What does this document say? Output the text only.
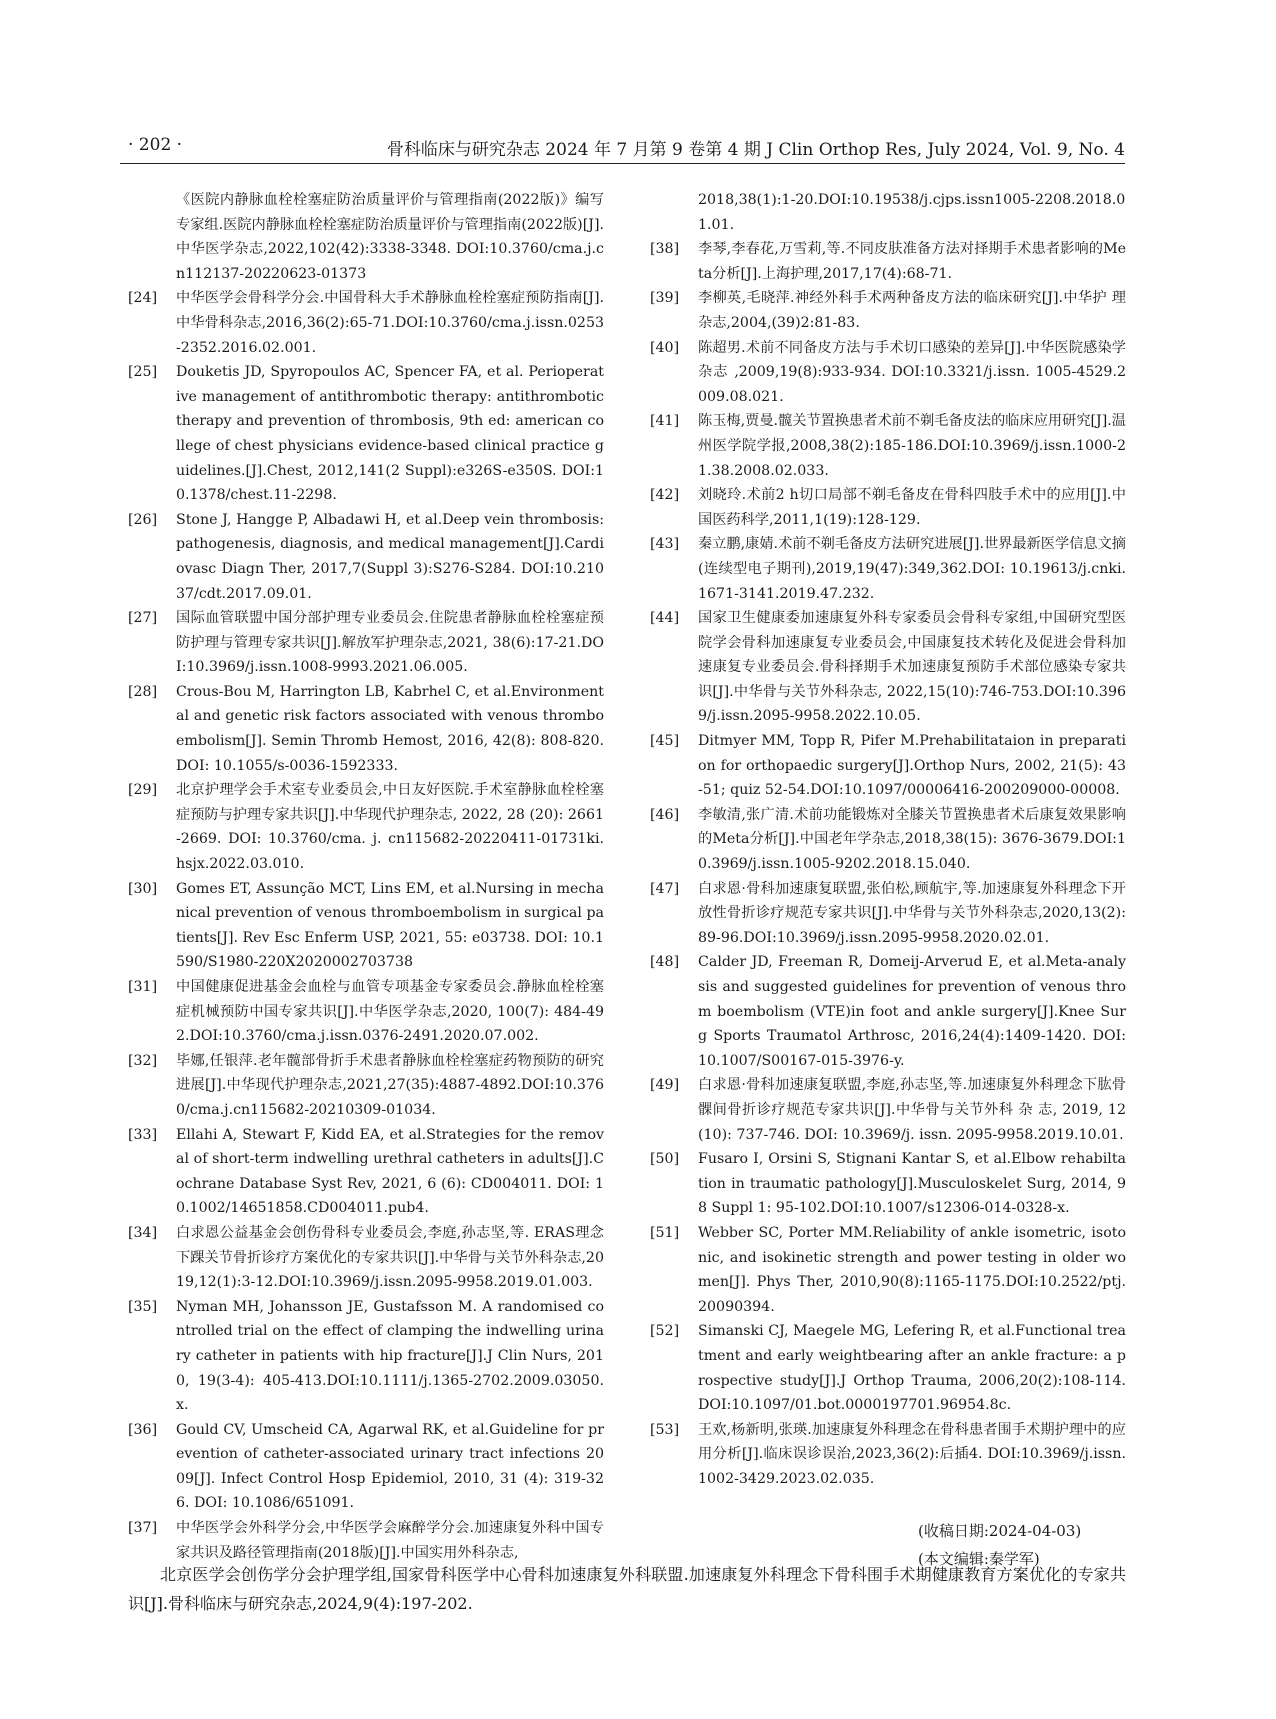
· 202 ·	骨科临床与研究杂志 2024 年 7 月第 9 卷第 4 期 J Clin Orthop Res, July 2024, Vol. 9, No. 4
《医院内静脉血栓栓塞症防治质量评价与管理指南(2022版)》编写专家组.医院内静脉血栓栓塞症防治质量评价与管理指南(2022版)[J].中华医学杂志,2022,102(42):3338-3348. DOI:10.3760/cma.j.cn112137-20220623-01373
[24]	中华医学会骨科学分会.中国骨科大手术静脉血栓栓塞症预防指南[J]. 中华骨科杂志,2016,36(2):65-71.DOI:10.3760/cma.j.issn.0253-2352.2016.02.001.
[25]	Douketis JD, Spyropoulos AC, Spencer FA, et al. Perioperative management of antithrombotic therapy: antithrombotic therapy and prevention of thrombosis, 9th ed: american college of chest physicians evidence-based clinical practice guidelines.[J].Chest, 2012,141(2 Suppl):e326S-e350S. DOI:10.1378/chest.11-2298.
[26]	Stone J, Hangge P, Albadawi H, et al.Deep vein thrombosis: pathogenesis, diagnosis, and medical management[J].Cardiovasc Diagn Ther, 2017,7(Suppl 3):S276-S284. DOI:10.21037/cdt.2017.09.01.
[27]	国际血管联盟中国分部护理专业委员会.住院患者静脉血栓栓塞症预防护理与管理专家共识[J].解放军护理杂志,2021, 38(6):17-21.DOI:10.3969/j.issn.1008-9993.2021.06.005.
[28]	Crous-Bou M, Harrington LB, Kabrhel C, et al.Environmental and genetic risk factors associated with venous thromboembolism[J]. Semin Thromb Hemost, 2016, 42(8): 808-820. DOI: 10.1055/s-0036-1592333.
[29]	北京护理学会手术室专业委员会,中日友好医院.手术室静脉血栓栓塞症预防与护理专家共识[J].中华现代护理杂志, 2022, 28 (20): 2661-2669. DOI: 10.3760/cma. j. cn115682-20220411-01731ki.hsjx.2022.03.010.
[30]	Gomes ET, Assunção MCT, Lins EM, et al.Nursing in mechanical prevention of venous thromboembolism in surgical patients[J]. Rev Esc Enferm USP, 2021, 55: e03738. DOI: 10.1590/S1980-220X2020002703738
[31]	中国健康促进基金会血栓与血管专项基金专家委员会.静脉血栓栓塞症机械预防中国专家共识[J].中华医学杂志,2020, 100(7): 484-492.DOI:10.3760/cma.j.issn.0376-2491.2020.07.002.
[32]	毕娜,任银萍.老年髋部骨折手术患者静脉血栓栓塞症药物预防的研究进展[J].中华现代护理杂志,2021,27(35):4887-4892.DOI:10.3760/cma.j.cn115682-20210309-01034.
[33]	Ellahi A, Stewart F, Kidd EA, et al.Strategies for the removal of short-term indwelling urethral catheters in adults[J].Cochrane Database Syst Rev, 2021, 6 (6): CD004011. DOI: 10.1002/14651858.CD004011.pub4.
[34]	白求恩公益基金会创伤骨科专业委员会,李庭,孙志坚,等. ERAS理念下踝关节骨折诊疗方案优化的专家共识[J].中华骨与关节外科杂志,2019,12(1):3-12.DOI:10.3969/j.issn.2095-9958.2019.01.003.
[35]	Nyman MH, Johansson JE, Gustafsson M. A randomised controlled trial on the effect of clamping the indwelling urinary catheter in patients with hip fracture[J].J Clin Nurs, 2010, 19(3-4): 405-413.DOI:10.1111/j.1365-2702.2009.03050.x.
[36]	Gould CV, Umscheid CA, Agarwal RK, et al.Guideline for prevention of catheter-associated urinary tract infections 2009[J]. Infect Control Hosp Epidemiol, 2010, 31 (4): 319-326. DOI: 10.1086/651091.
[37]	中华医学会外科学分会,中华医学会麻醉学分会.加速康复外科中国专家共识及路径管理指南(2018版)[J].中国实用外科杂志,
2018,38(1):1-20.DOI:10.19538/j.cjps.issn1005-2208.2018.01.01.
[38]	李琴,李春花,万雪莉,等.不同皮肤准备方法对择期手术患者影响的Meta分析[J].上海护理,2017,17(4):68-71.
[39]	李柳英,毛晓萍.神经外科手术两种备皮方法的临床研究[J].中华护 理杂志,2004,(39)2:81-83.
[40]	陈超男.术前不同备皮方法与手术切口感染的差异[J].中华医院感染学杂志 ,2009,19(8):933-934. DOI:10.3321/j.issn. 1005-4529.2009.08.021.
[41]	陈玉梅,贾曼.髋关节置换患者术前不剃毛备皮法的临床应用研究[J].温州医学院学报,2008,38(2):185-186.DOI:10.3969/j.issn.1000-21.38.2008.02.033.
[42]	刘晓玲.术前2 h切口局部不剃毛备皮在骨科四肢手术中的应用[J].中国医药科学,2011,1(19):128-129.
[43]	秦立鹏,康婧.术前不剃毛备皮方法研究进展[J].世界最新医学信息文摘(连续型电子期刊),2019,19(47):349,362.DOI: 10.19613/j.cnki.1671-3141.2019.47.232.
[44]	国家卫生健康委加速康复外科专家委员会骨科专家组,中国研究型医院学会骨科加速康复专业委员会,中国康复技术转化及促进会骨科加速康复专业委员会.骨科择期手术加速康复预防手术部位感染专家共识[J].中华骨与关节外科杂志, 2022,15(10):746-753.DOI:10.3969/j.issn.2095-9958.2022.10.05.
[45]	Ditmyer MM, Topp R, Pifer M.Prehabilitataion in preparation for orthopaedic surgery[J].Orthop Nurs, 2002, 21(5): 43-51; quiz 52-54.DOI:10.1097/00006416-200209000-00008.
[46]	李敏清,张广清.术前功能锻炼对全膝关节置换患者术后康复效果影响的Meta分析[J].中国老年学杂志,2018,38(15): 3676-3679.DOI:10.3969/j.issn.1005-9202.2018.15.040.
[47]	白求恩·骨科加速康复联盟,张伯松,顾航宇,等.加速康复外科理念下开放性骨折诊疗规范专家共识[J].中华骨与关节外科杂志,2020,13(2):89-96.DOI:10.3969/j.issn.2095-9958.2020.02.01.
[48]	Calder JD, Freeman R, Domeij-Arverud E, et al.Meta-analysis and suggested guidelines for prevention of venous throm boembolism (VTE)in foot and ankle surgery[J].Knee Surg Sports Traumatol Arthrosc, 2016,24(4):1409-1420. DOI: 10.1007/S00167-015-3976-y.
[49]	白求恩·骨科加速康复联盟,李庭,孙志坚,等.加速康复外科理念下肱骨髁间骨折诊疗规范专家共识[J].中华骨与关节外科 杂 志, 2019, 12 (10): 737-746. DOI: 10.3969/j. issn. 2095-9958.2019.10.01.
[50]	Fusaro I, Orsini S, Stignani Kantar S, et al.Elbow rehabiltation in traumatic pathology[J].Musculoskelet Surg, 2014, 98 Suppl 1: 95-102.DOI:10.1007/s12306-014-0328-x.
[51]	Webber SC, Porter MM.Reliability of ankle isometric, isotonic, and isokinetic strength and power testing in older women[J]. Phys Ther, 2010,90(8):1165-1175.DOI:10.2522/ptj.20090394.
[52]	Simanski CJ, Maegele MG, Lefering R, et al.Functional treatment and early weightbearing after an ankle fracture: a prospective study[J].J Orthop Trauma, 2006,20(2):108-114. DOI:10.1097/01.bot.0000197701.96954.8c.
[53]	王欢,杨新明,张瑛.加速康复外科理念在骨科患者围手术期护理中的应用分析[J].临床误诊误治,2023,36(2):后插4. DOI:10.3969/j.issn.1002-3429.2023.02.035.
(收稿日期:2024-04-03)
(本文编辑:秦学军)
北京医学会创伤学分会护理学组,国家骨科医学中心骨科加速康复外科联盟.加速康复外科理念下骨科围手术期健康教育方案优化的专家共识[J].骨科临床与研究杂志,2024,9(4):197-202.
